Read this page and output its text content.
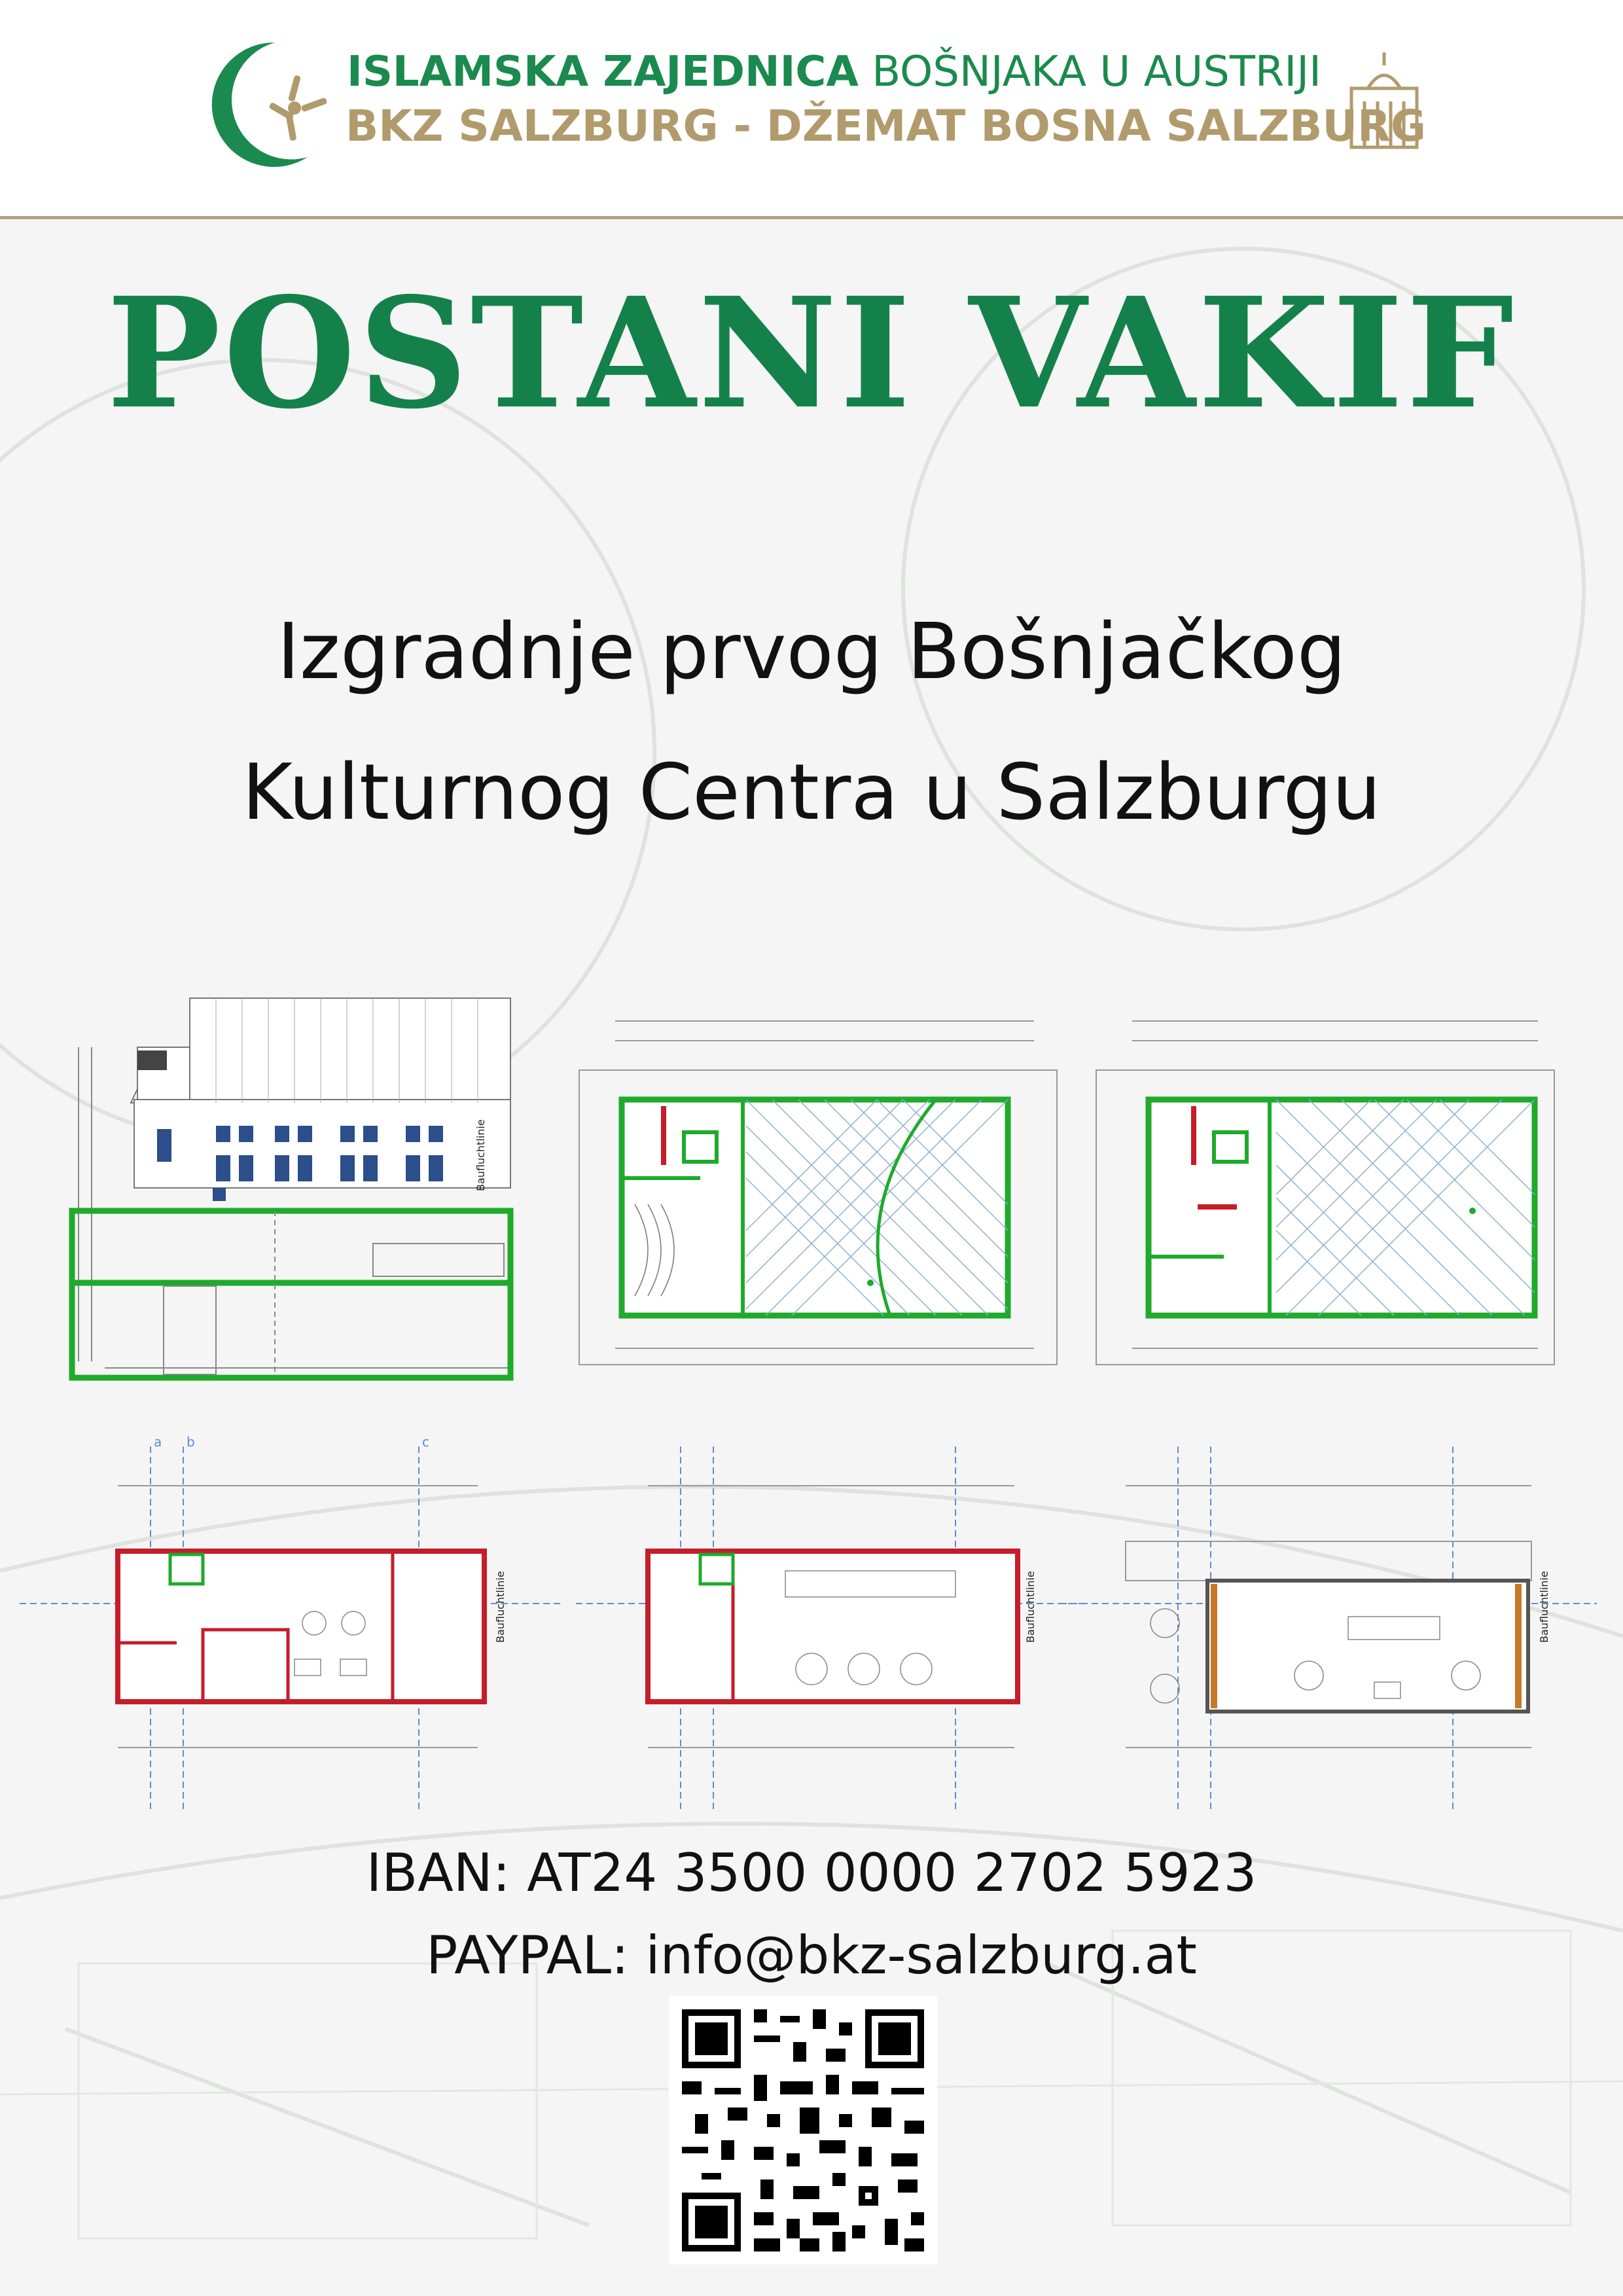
ISLAMSKA ZAJEDNICA BOŠNJAKA U AUSTRIJI
BKZ SALZBURG - DŽEMAT BOSNA SALZBURG
POSTANI VAKIF
Izgradnje prvog Bošnjačkog
Kulturnog Centra u Salzburgu
Baufluchtlinie
a b	c
Baufluchtlinie	Baufluchtlinie	Baufluchtlinie
IBAN: AT24 3500 0000 2702 5923
PAYPAL: info@bkz-salzburg.at
